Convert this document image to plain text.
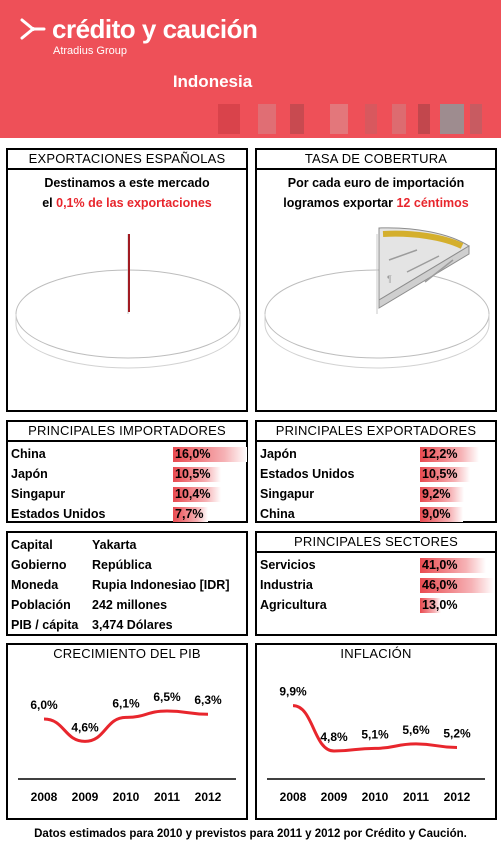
crédito y caución
Atradius Group
Indonesia
EXPORTACIONES ESPAÑOLAS
Destinamos a este mercado
el 0,1% de las exportaciones
TASA DE COBERTURA
Por cada euro de importación
logramos exportar 12 céntimos
¶
PRINCIPALES IMPORTADORES
China	16,0%
Japón	10,5%
Singapur	10,4%
Estados Unidos	7,7%
PRINCIPALES EXPORTADORES
Japón	12,2%
Estados Unidos	10,5%
Singapur	9,2%
China	9,0%
Capital	Yakarta
Gobierno República
Moneda	Rupia Indonesiao [IDR]
Población 242 millones
PIB / cápita 3,474 Dólares
PRINCIPALES SECTORES
Servicios	41,0%
Industria	46,0%
Agricultura	13,0%
CRECIMIENTO DEL PIB
6,0%
4,6%
6,1% 6,5% 6,3%
2008 2009 2010 2011 2012
INFLACIÓN
9,9%
4,8% 5,1% 5,6% 5,2%
2008 2009 2010 2011 2012
Datos estimados para 2010 y previstos para 2011 y 2012 por Crédito y Caución.
